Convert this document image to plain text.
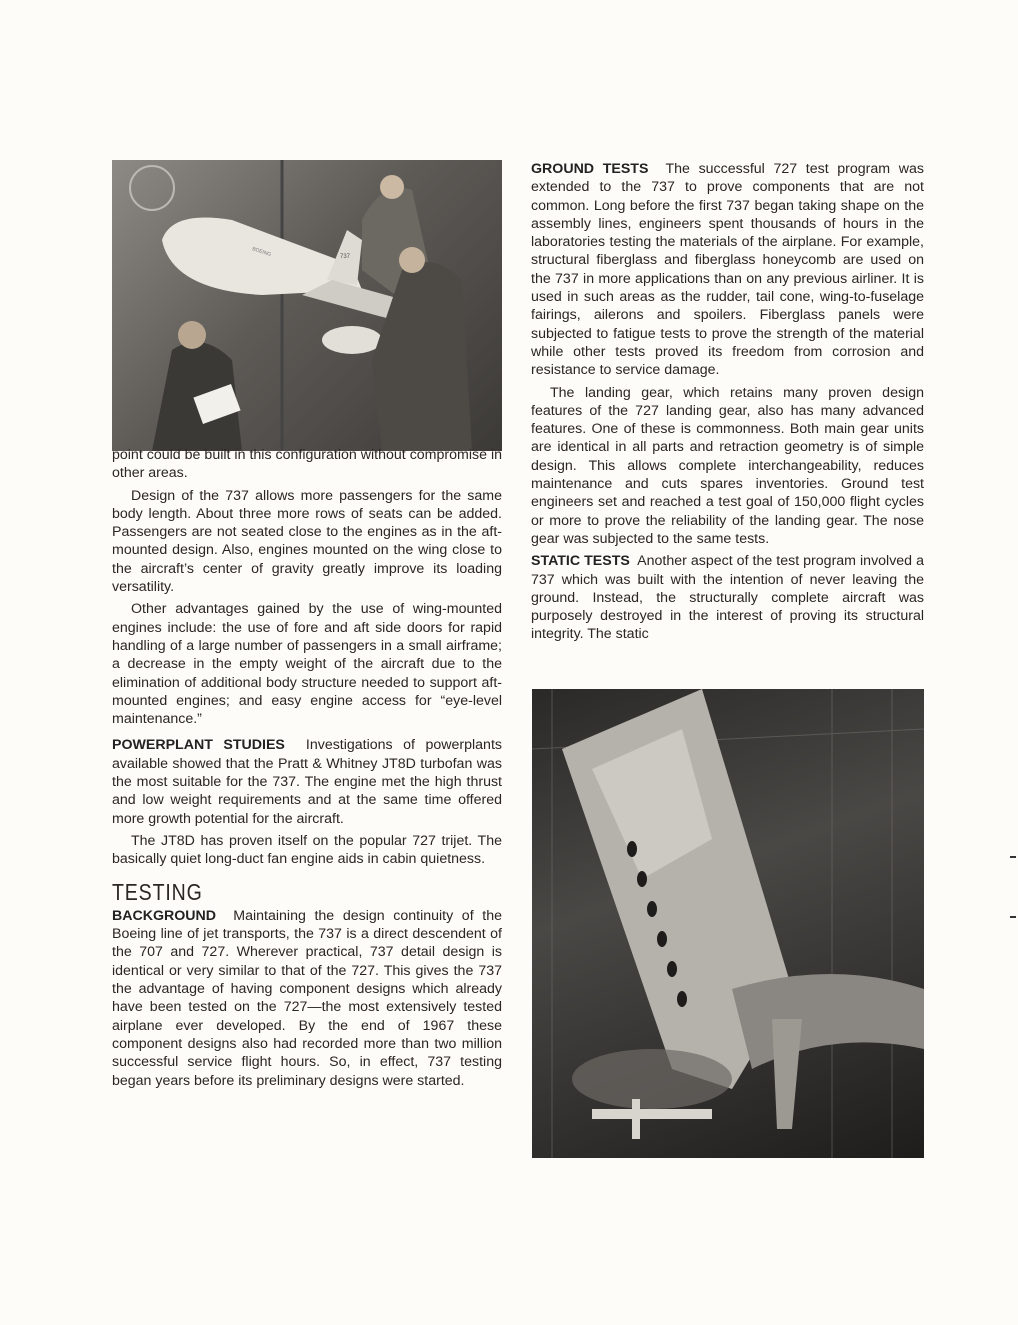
BOEING	737

point could be built in this configuration without compromise in other areas.

Design of the 737 allows more passengers for the same body length. About three more rows of seats can be added. Passengers are not seated close to the engines as in the aft-mounted design. Also, engines mounted on the wing close to the aircraft’s center of gravity greatly improve its loading versatility.

Other advantages gained by the use of wing-mounted engines include: the use of fore and aft side doors for rapid handling of a large number of passengers in a small airframe; a decrease in the empty weight of the aircraft due to the elimination of additional body structure needed to support aft-mounted engines; and easy engine access for “eye-level maintenance.”

POWERPLANT STUDIES Investigations of powerplants available showed that the Pratt & Whitney JT8D turbofan was the most suitable for the 737. The engine met the high thrust and low weight requirements and at the same time offered more growth potential for the aircraft.

The JT8D has proven itself on the popular 727 trijet. The basically quiet long-duct fan engine aids in cabin quietness.

TESTING

BACKGROUND Maintaining the design continuity of the Boeing line of jet transports, the 737 is a direct descendent of the 707 and 727. Wherever practical, 737 detail design is identical or very similar to that of the 727. This gives the 737 the advantage of having component designs which already have been tested on the 727—the most extensively tested airplane ever developed. By the end of 1967 these component designs also had recorded more than two million successful service flight hours. So, in effect, 737 testing began years before its preliminary designs were started.

GROUND TESTS The successful 727 test program was extended to the 737 to prove components that are not common. Long before the first 737 began taking shape on the assembly lines, engineers spent thousands of hours in the laboratories testing the materials of the airplane. For example, structural fiberglass and fiberglass honeycomb are used on the 737 in more applications than on any previous airliner. It is used in such areas as the rudder, tail cone, wing-to-fuselage fairings, ailerons and spoilers. Fiberglass panels were subjected to fatigue tests to prove the strength of the material while other tests proved its freedom from corrosion and resistance to service damage.

The landing gear, which retains many proven design features of the 727 landing gear, also has many advanced features. One of these is commonness. Both main gear units are identical in all parts and retraction geometry is of simple design. This allows complete interchangeability, reduces maintenance and cuts spares inventories. Ground test engineers set and reached a test goal of 150,000 flight cycles or more to prove the reliability of the landing gear. The nose gear was subjected to the same tests.

STATIC TESTS Another aspect of the test program involved a 737 which was built with the intention of never leaving the ground. Instead, the structurally complete aircraft was purposely destroyed in the interest of proving its structural integrity. The static
